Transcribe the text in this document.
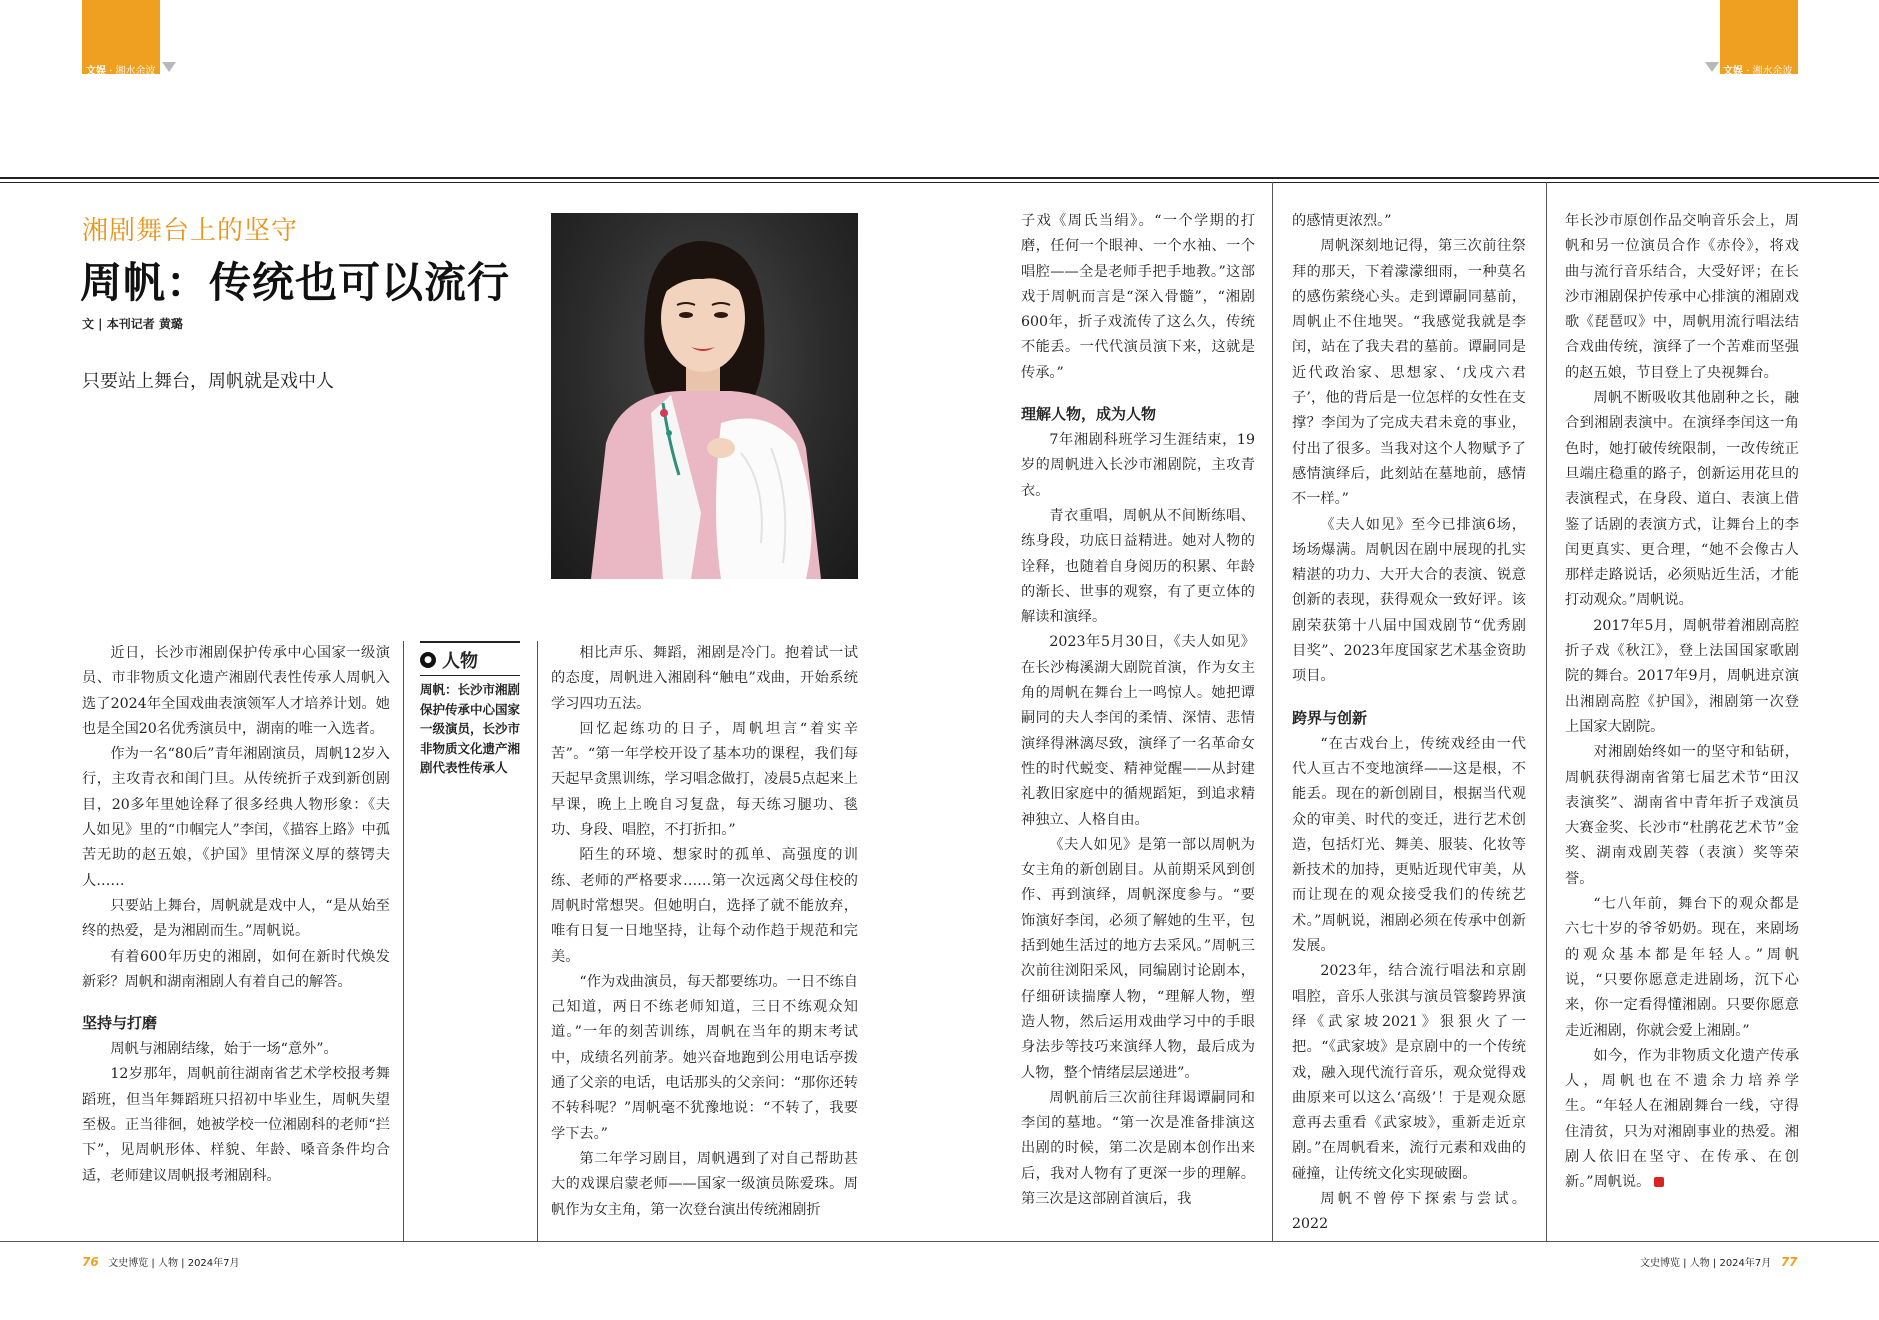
文娱 · 湘水余波	文娱 · 湘水余波
湘剧舞台上的坚守
周帆：传统也可以流行
文 | 本刊记者 黄璐
只要站上舞台，周帆就是戏中人
● 人物
周帆：长沙市湘剧保护传承中心国家一级演员，长沙市非物质文化遗产湘剧代表性传承人

近日，长沙市湘剧保护传承中心国家一级演员、市非物质文化遗产湘剧代表性传承人周帆入选了2024年全国戏曲表演领军人才培养计划。她也是全国20名优秀演员中，湖南的唯一入选者。

作为一名“80后”青年湘剧演员，周帆12岁入行，主攻青衣和闺门旦。从传统折子戏到新创剧目，20多年里她诠释了很多经典人物形象：《夫人如见》里的“巾帼完人”李闰，《描容上路》中孤苦无助的赵五娘，《护国》里情深义厚的蔡锷夫人……

只要站上舞台，周帆就是戏中人，“是从始至终的热爱，是为湘剧而生。”周帆说。

有着600年历史的湘剧，如何在新时代焕发新彩？周帆和湖南湘剧人有着自己的解答。

坚持与打磨

周帆与湘剧结缘，始于一场“意外”。

12岁那年，周帆前往湖南省艺术学校报考舞蹈班，但当年舞蹈班只招初中毕业生，周帆失望至极。正当徘徊，她被学校一位湘剧科的老师“拦下”，见周帆形体、样貌、年龄、嗓音条件均合适，老师建议周帆报考湘剧科。

相比声乐、舞蹈，湘剧是冷门。抱着试一试的态度，周帆进入湘剧科“触电”戏曲，开始系统学习四功五法。

回忆起练功的日子，周帆坦言“着实辛苦”。“第一年学校开设了基本功的课程，我们每天起早贪黑训练，学习唱念做打，凌晨5点起来上早课，晚上上晚自习复盘，每天练习腿功、毯功、身段、唱腔，不打折扣。”

陌生的环境、想家时的孤单、高强度的训练、老师的严格要求……第一次远离父母住校的周帆时常想哭。但她明白，选择了就不能放弃，唯有日复一日地坚持，让每个动作趋于规范和完美。

“作为戏曲演员，每天都要练功。一日不练自己知道，两日不练老师知道，三日不练观众知道。”一年的刻苦训练，周帆在当年的期末考试中，成绩名列前茅。她兴奋地跑到公用电话亭拨通了父亲的电话，电话那头的父亲问：“那你还转不转科呢？”周帆毫不犹豫地说：“不转了，我要学下去。”

第二年学习剧目，周帆遇到了对自己帮助甚大的戏课启蒙老师——国家一级演员陈爱珠。周帆作为女主角，第一次登台演出传统湘剧折

子戏《周氏当绢》。“一个学期的打磨，任何一个眼神、一个水袖、一个唱腔——全是老师手把手地教。”这部戏于周帆而言是“深入骨髓”，“湘剧600年，折子戏流传了这么久，传统不能丢。一代代演员演下来，这就是传承。”

理解人物，成为人物

7年湘剧科班学习生涯结束，19岁的周帆进入长沙市湘剧院，主攻青衣。

青衣重唱，周帆从不间断练唱、练身段，功底日益精进。她对人物的诠释，也随着自身阅历的积累、年龄的渐长、世事的观察，有了更立体的解读和演绎。

2023年5月30日，《夫人如见》在长沙梅溪湖大剧院首演，作为女主角的周帆在舞台上一鸣惊人。她把谭嗣同的夫人李闰的柔情、深情、悲情演绎得淋漓尽致，演绎了一名革命女性的时代蜕变、精神觉醒——从封建礼教旧家庭中的循规蹈矩，到追求精神独立、人格自由。

《夫人如见》是第一部以周帆为女主角的新创剧目。从前期采风到创作、再到演绎，周帆深度参与。“要饰演好李闰，必须了解她的生平，包括到她生活过的地方去采风。”周帆三次前往浏阳采风，同编剧讨论剧本，仔细研读揣摩人物，“理解人物，塑造人物，然后运用戏曲学习中的手眼身法步等技巧来演绎人物，最后成为人物，整个情绪层层递进”。

周帆前后三次前往拜谒谭嗣同和李闰的墓地。“第一次是准备排演这出剧的时候，第二次是剧本创作出来后，我对人物有了更深一步的理解。第三次是这部剧首演后，我

的感情更浓烈。”

周帆深刻地记得，第三次前往祭拜的那天，下着濛濛细雨，一种莫名的感伤萦绕心头。走到谭嗣同墓前，周帆止不住地哭。“我感觉我就是李闰，站在了我夫君的墓前。谭嗣同是近代政治家、思想家、‘戊戌六君子’，他的背后是一位怎样的女性在支撑？李闰为了完成夫君未竟的事业，付出了很多。当我对这个人物赋予了感情演绎后，此刻站在墓地前，感情不一样。”

《夫人如见》至今已排演6场，场场爆满。周帆因在剧中展现的扎实精湛的功力、大开大合的表演、锐意创新的表现，获得观众一致好评。该剧荣获第十八届中国戏剧节“优秀剧目奖”、2023年度国家艺术基金资助项目。

跨界与创新

“在古戏台上，传统戏经由一代代人亘古不变地演绎——这是根，不能丢。现在的新创剧目，根据当代观众的审美、时代的变迁，进行艺术创造，包括灯光、舞美、服装、化妆等新技术的加持，更贴近现代审美，从而让现在的观众接受我们的传统艺术。”周帆说，湘剧必须在传承中创新发展。

2023年，结合流行唱法和京剧唱腔，音乐人张淇与演员管黎跨界演绎《武家坡2021》狠狠火了一把。“《武家坡》是京剧中的一个传统戏，融入现代流行音乐，观众觉得戏曲原来可以这么‘高级’！于是观众愿意再去重看《武家坡》，重新走近京剧。”在周帆看来，流行元素和戏曲的碰撞，让传统文化实现破圈。

周帆不曾停下探索与尝试。2022

年长沙市原创作品交响音乐会上，周帆和另一位演员合作《赤伶》，将戏曲与流行音乐结合，大受好评；在长沙市湘剧保护传承中心排演的湘剧戏歌《琵琶叹》中，周帆用流行唱法结合戏曲传统，演绎了一个苦难而坚强的赵五娘，节目登上了央视舞台。

周帆不断吸收其他剧种之长，融合到湘剧表演中。在演绎李闰这一角色时，她打破传统限制，一改传统正旦端庄稳重的路子，创新运用花旦的表演程式，在身段、道白、表演上借鉴了话剧的表演方式，让舞台上的李闰更真实、更合理，“她不会像古人那样走路说话，必须贴近生活，才能打动观众。”周帆说。

2017年5月，周帆带着湘剧高腔折子戏《秋江》，登上法国国家歌剧院的舞台。2017年9月，周帆进京演出湘剧高腔《护国》，湘剧第一次登上国家大剧院。

对湘剧始终如一的坚守和钻研，周帆获得湖南省第七届艺术节“田汉表演奖”、湖南省中青年折子戏演员大赛金奖、长沙市“杜鹃花艺术节”金奖、湖南戏剧芙蓉（表演）奖等荣誉。

“七八年前，舞台下的观众都是六七十岁的爷爷奶奶。现在，来剧场的观众基本都是年轻人。”周帆说，“只要你愿意走进剧场，沉下心来，你一定看得懂湘剧。只要你愿意走近湘剧，你就会爱上湘剧。”

如今，作为非物质文化遗产传承人，周帆也在不遗余力培养学生。“年轻人在湘剧舞台一线，守得住清贫，只为对湘剧事业的热爱。湘剧人依旧在坚守、在传承、在创新。”周帆说。

76 文史博览 | 人物 | 2024年7月	文史博览 | 人物 | 2024年7月 77
